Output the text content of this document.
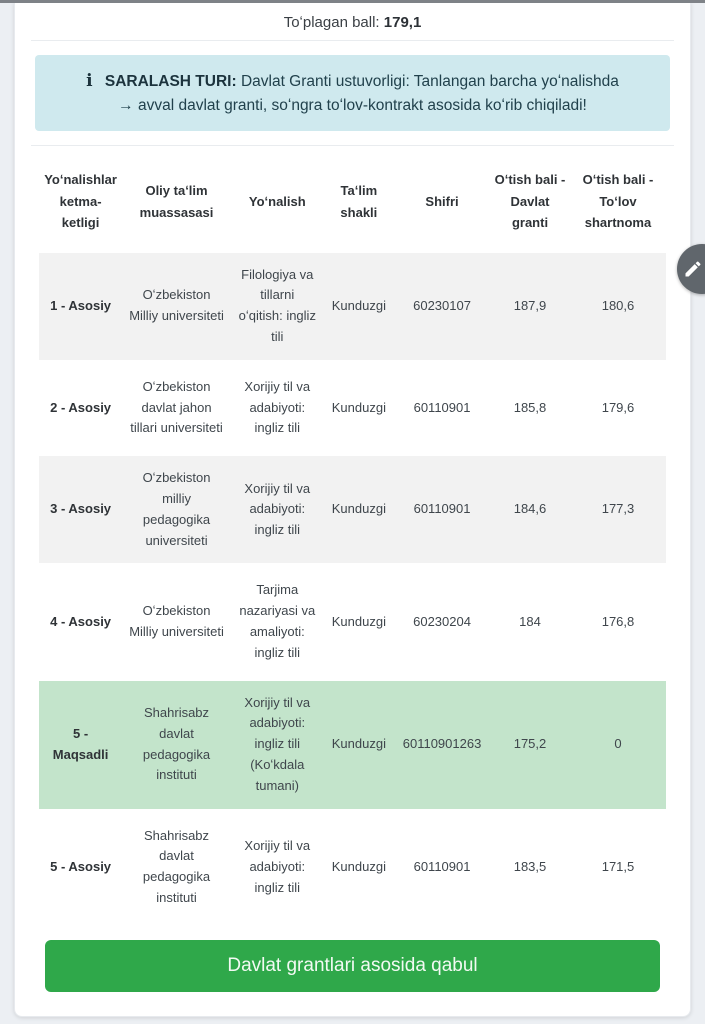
Toʻplagan ball: 179,1
i SARALASH TURI: Davlat Granti ustuvorligi: Tanlangan barcha yoʻnalishda
→ avval davlat granti, soʻngra toʻlov-kontrakt asosida koʻrib chiqiladi!
Yoʻnalishlar ketma-ketligi	Oliy taʻlim muassasasi	Yoʻnalish	Taʻlim shakli	Shifri	Oʻtish bali - Davlat granti	Oʻtish bali - Toʻlov shartnoma
1 - Asosiy	Oʻzbekiston Milliy universiteti	Filologiya va tillarni oʻqitish: ingliz tili	Kunduzgi	60230107	187,9	180,6
2 - Asosiy	Oʻzbekiston davlat jahon tillari universiteti	Xorijiy til va adabiyoti: ingliz tili	Kunduzgi	60110901	185,8	179,6
3 - Asosiy	Oʻzbekiston milliy pedagogika universiteti	Xorijiy til va adabiyoti: ingliz tili	Kunduzgi	60110901	184,6	177,3
4 - Asosiy	Oʻzbekiston Milliy universiteti	Tarjima nazariyasi va amaliyoti: ingliz tili	Kunduzgi	60230204	184	176,8
5 - Maqsadli	Shahrisabz davlat pedagogika instituti	Xorijiy til va adabiyoti: ingliz tili (Koʻkdala tumani)	Kunduzgi	60110901263	175,2	0
5 - Asosiy	Shahrisabz davlat pedagogika instituti	Xorijiy til va adabiyoti: ingliz tili	Kunduzgi	60110901	183,5	171,5
Davlat grantlari asosida qabul
